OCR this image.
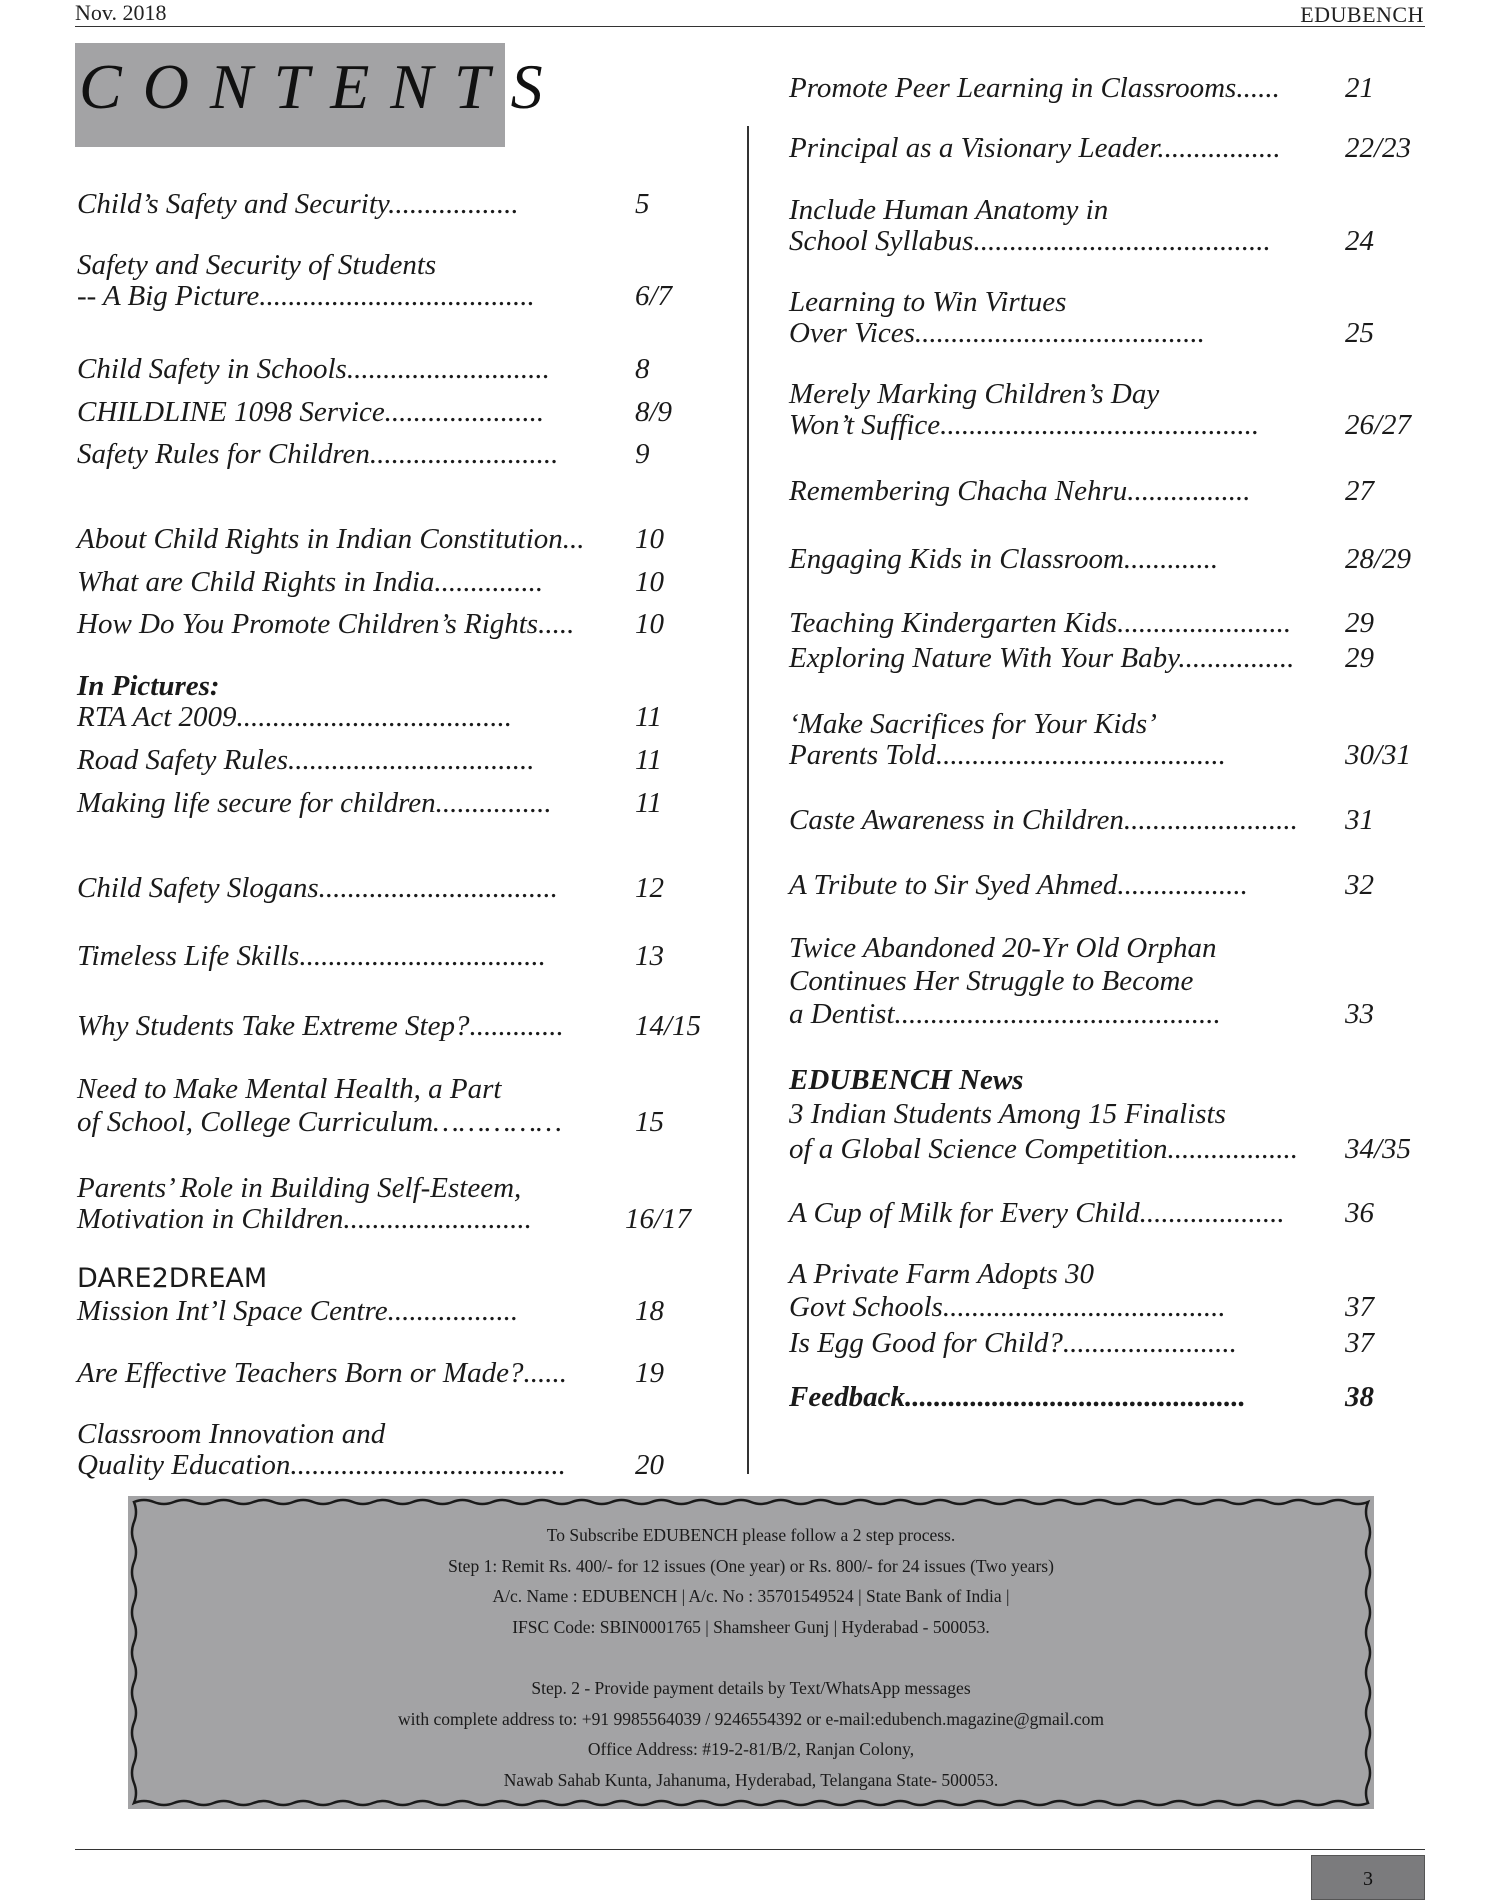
Nov. 2018	EDUBENCH
CONTENTS
Child’s Safety and Security..................	5
Safety and Security of Students
-- A Big Picture......................................	6/7
Child Safety in Schools............................	8
CHILDLINE 1098 Service......................	8/9
Safety Rules for Children..........................	9
About Child Rights in Indian Constitution... 10
What are Child Rights in India...............	10
How Do You Promote Children’s Rights..... 10
In Pictures:
RTA Act 2009......................................	11
Road Safety Rules..................................	11
Making life secure for children................	11
Child Safety Slogans.................................	12
Timeless Life Skills..................................	13
Why Students Take Extreme Step?............. 14/15
Need to Make Mental Health, a Part
of School, College Curriculum……………	15
Parents’ Role in Building Self-Esteem,
Motivation in Children..........................	16/17
DARE2DREAM
Mission Int’l Space Centre..................	18
Are Effective Teachers Born or Made?...... 19
Classroom Innovation and
Quality Education...................................... 20
Promote Peer Learning in Classrooms...... 21
Principal as a Visionary Leader................. 22/23
Include Human Anatomy in
School Syllabus.........................................	24
Learning to Win Virtues
Over Vices........................................	25
Merely Marking Children’s Day
Won’t Suffice............................................	26/27
Remembering Chacha Nehru.................	27
Engaging Kids in Classroom.............	28/29
Teaching Kindergarten Kids........................ 29
Exploring Nature With Your Baby................ 29
‘Make Sacrifices for Your Kids’
Parents Told........................................	30/31
Caste Awareness in Children........................ 31
A Tribute to Sir Syed Ahmed..................	32
Twice Abandoned 20-Yr Old Orphan
Continues Her Struggle to Become
a Dentist.............................................	33
EDUBENCH News
3 Indian Students Among 15 Finalists
of a Global Science Competition.................. 34/35
A Cup of Milk for Every Child.................... 36
A Private Farm Adopts 30
Govt Schools.......................................	37
Is Egg Good for Child?........................	37
Feedback...............................................	38
To Subscribe EDUBENCH please follow a 2 step process.
Step 1: Remit Rs. 400/- for 12 issues (One year) or Rs. 800/- for 24 issues (Two years)
A/c. Name : EDUBENCH | A/c. No : 35701549524 | State Bank of India |
IFSC Code: SBIN0001765 | Shamsheer Gunj | Hyderabad - 500053.
Step. 2 - Provide payment details by Text/WhatsApp messages
with complete address to: +91 9985564039 / 9246554392 or e-mail:edubench.magazine@gmail.com
Office Address: #19-2-81/B/2, Ranjan Colony,
Nawab Sahab Kunta, Jahanuma, Hyderabad, Telangana State- 500053.
3
